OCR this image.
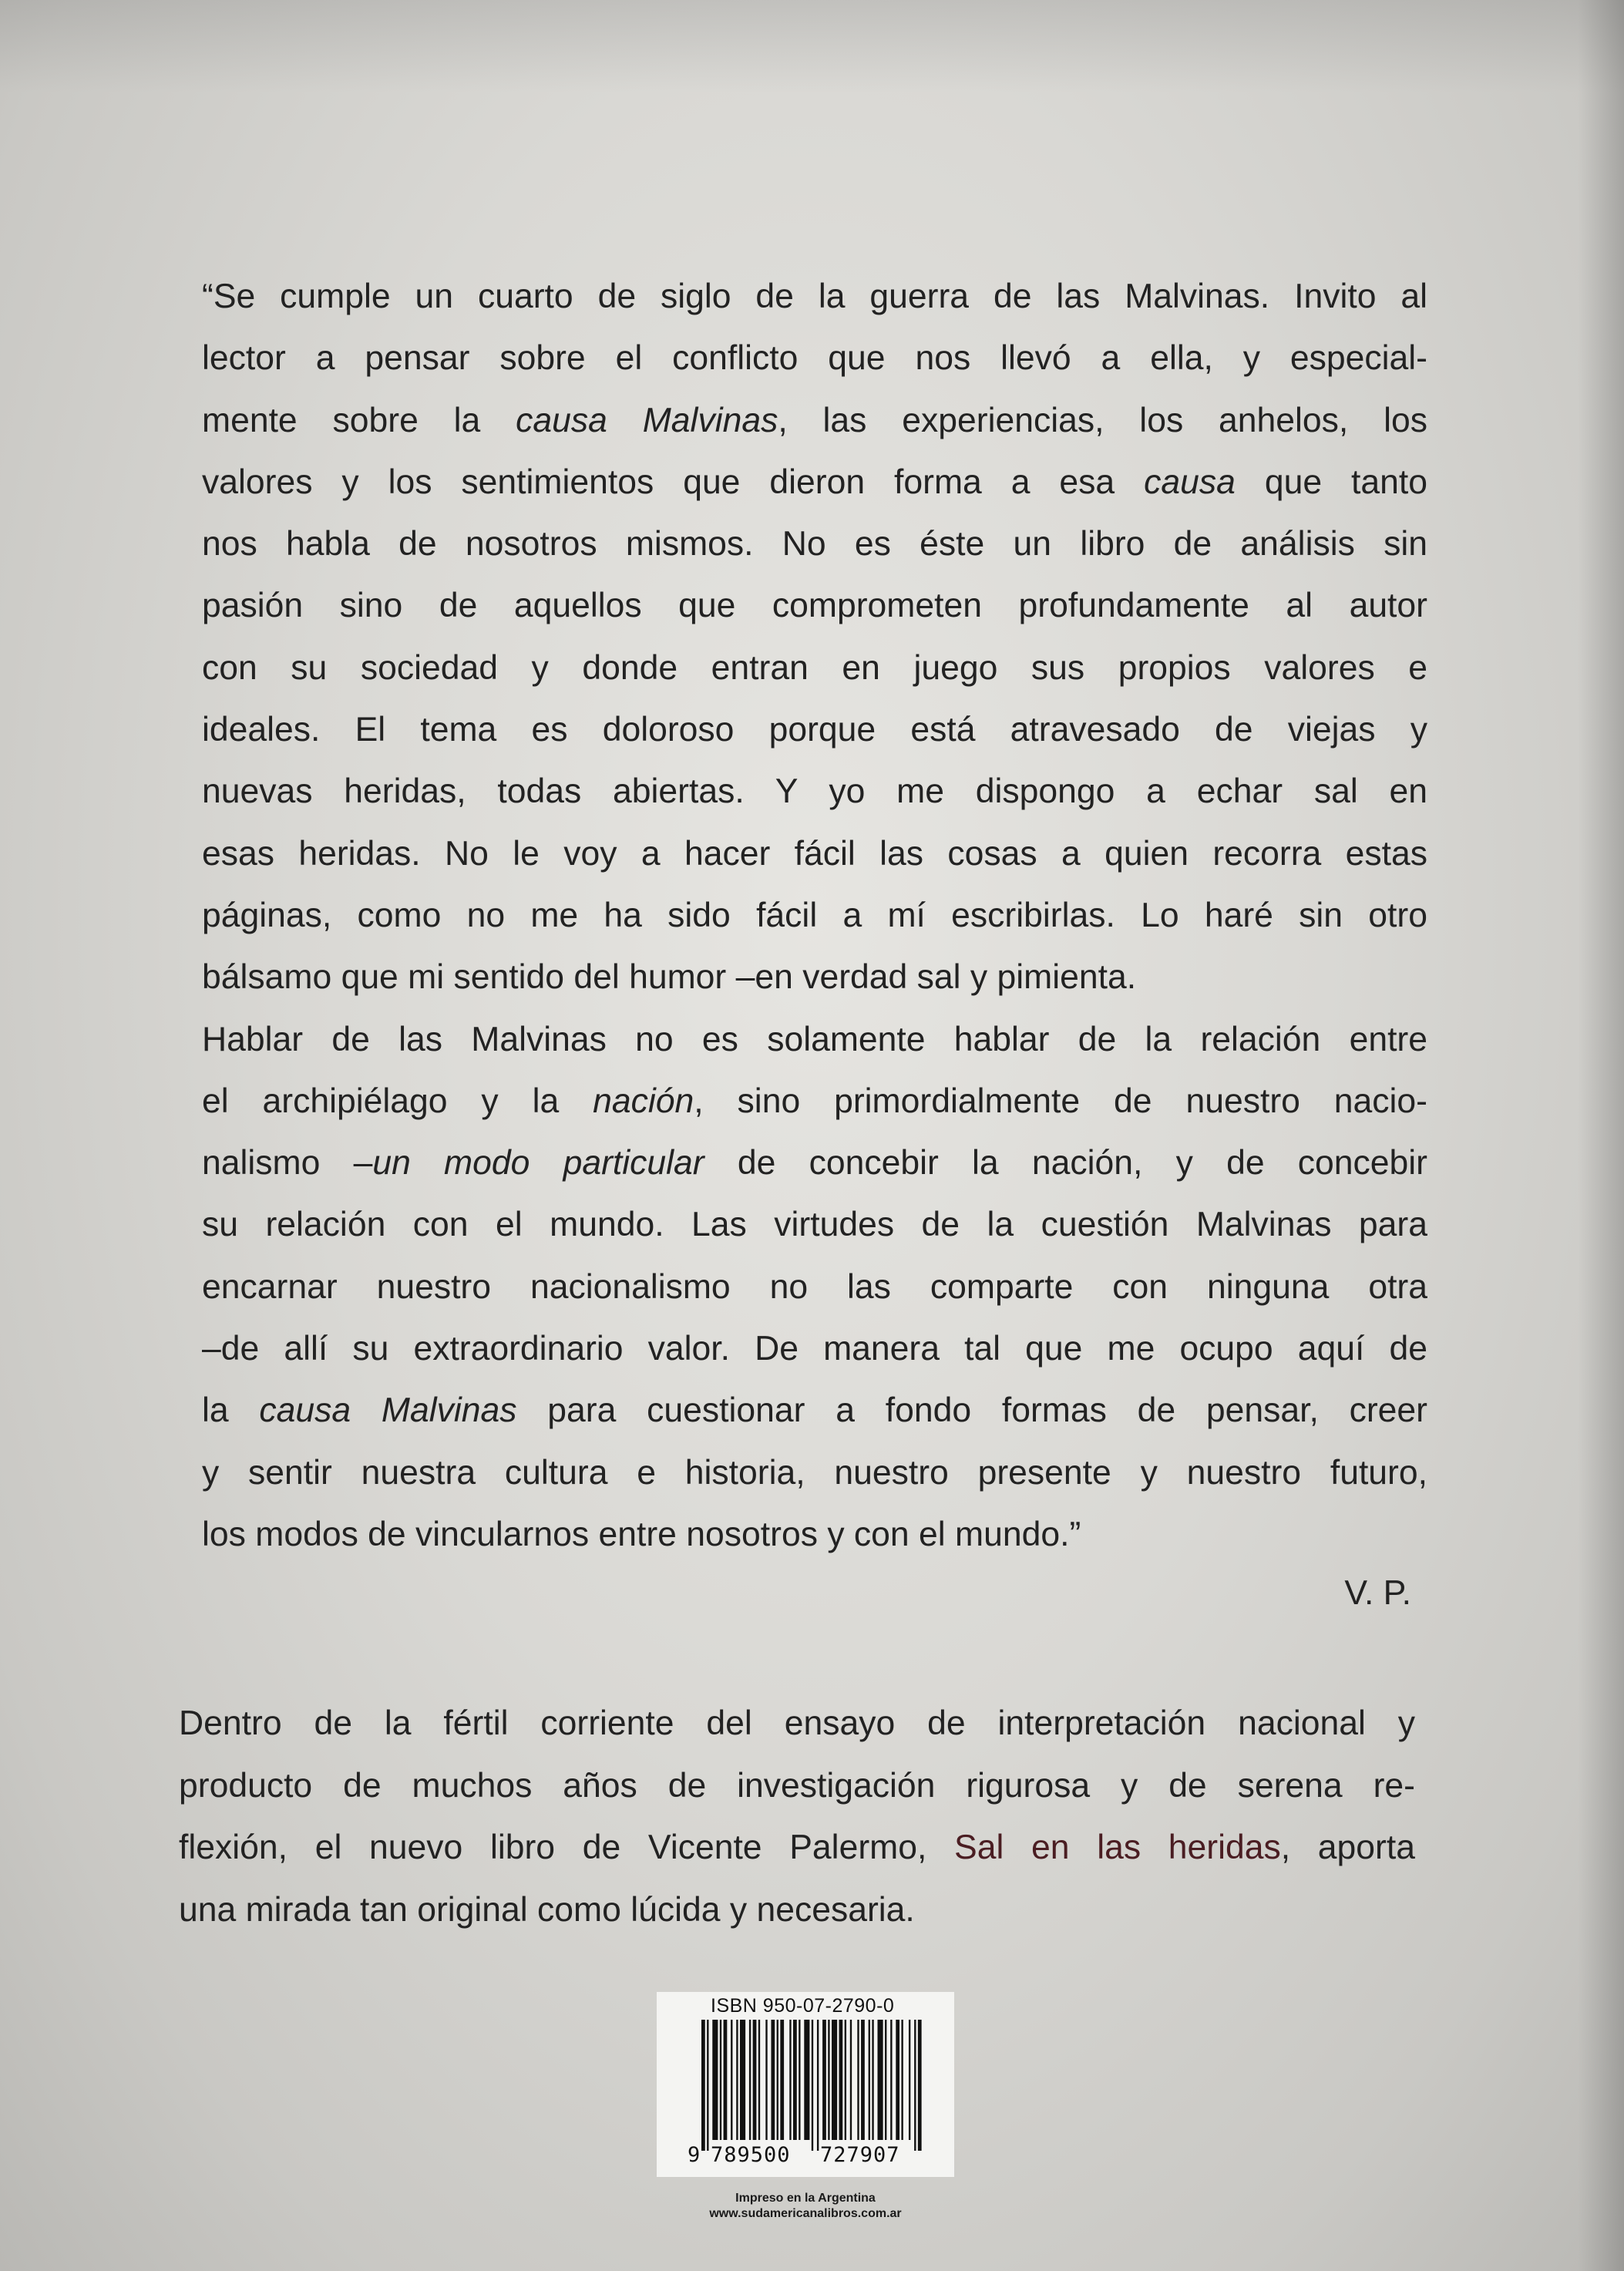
“Se cumple un cuarto de siglo de la guerra de las Malvinas. Invito al
lector a pensar sobre el conflicto que nos llevó a ella, y especial-
mente sobre la causa Malvinas, las experiencias, los anhelos, los
valores y los sentimientos que dieron forma a esa causa que tanto
nos habla de nosotros mismos. No es éste un libro de análisis sin
pasión sino de aquellos que comprometen profundamente al autor
con su sociedad y donde entran en juego sus propios valores e
ideales. El tema es doloroso porque está atravesado de viejas y
nuevas heridas, todas abiertas. Y yo me dispongo a echar sal en
esas heridas. No le voy a hacer fácil las cosas a quien recorra estas
páginas, como no me ha sido fácil a mí escribirlas. Lo haré sin otro
bálsamo que mi sentido del humor –en verdad sal y pimienta.
Hablar de las Malvinas no es solamente hablar de la relación entre
el archipiélago y la nación, sino primordialmente de nuestro nacio-
nalismo –un modo particular de concebir la nación, y de concebir
su relación con el mundo. Las virtudes de la cuestión Malvinas para
encarnar nuestro nacionalismo no las comparte con ninguna otra
–de allí su extraordinario valor. De manera tal que me ocupo aquí de
la causa Malvinas para cuestionar a fondo formas de pensar, creer
y sentir nuestra cultura e historia, nuestro presente y nuestro futuro,
los modos de vincularnos entre nosotros y con el mundo.”
V. P.
Dentro de la fértil corriente del ensayo de interpretación nacional y
producto de muchos años de investigación rigurosa y de serena re-
flexión, el nuevo libro de Vicente Palermo, Sal en las heridas, aporta
una mirada tan original como lúcida y necesaria.
ISBN 950-07-2790-0
9 789500 727907
Impreso en la Argentina
www.sudamericanalibros.com.ar
